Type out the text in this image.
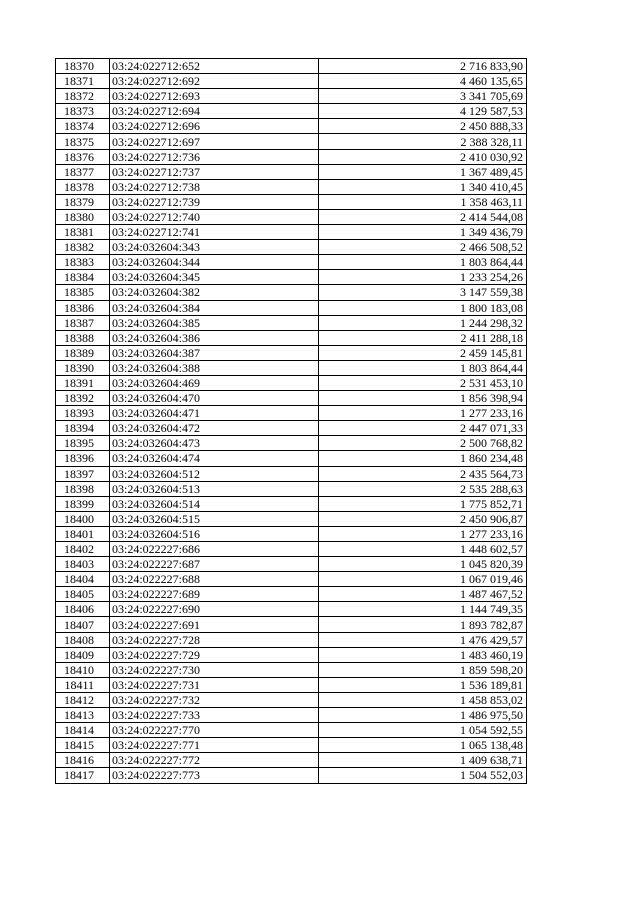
18370	03:24:022712:652	2 716 833,90
18371	03:24:022712:692	4 460 135,65
18372	03:24:022712:693	3 341 705,69
18373	03:24:022712:694	4 129 587,53
18374	03:24:022712:696	2 450 888,33
18375	03:24:022712:697	2 388 328,11
18376	03:24:022712:736	2 410 030,92
18377	03:24:022712:737	1 367 489,45
18378	03:24:022712:738	1 340 410,45
18379	03:24:022712:739	1 358 463,11
18380	03:24:022712:740	2 414 544,08
18381	03:24:022712:741	1 349 436,79
18382	03:24:032604:343	2 466 508,52
18383	03:24:032604:344	1 803 864,44
18384	03:24:032604:345	1 233 254,26
18385	03:24:032604:382	3 147 559,38
18386	03:24:032604:384	1 800 183,08
18387	03:24:032604:385	1 244 298,32
18388	03:24:032604:386	2 411 288,18
18389	03:24:032604:387	2 459 145,81
18390	03:24:032604:388	1 803 864,44
18391	03:24:032604:469	2 531 453,10
18392	03:24:032604:470	1 856 398,94
18393	03:24:032604:471	1 277 233,16
18394	03:24:032604:472	2 447 071,33
18395	03:24:032604:473	2 500 768,82
18396	03:24:032604:474	1 860 234,48
18397	03:24:032604:512	2 435 564,73
18398	03:24:032604:513	2 535 288,63
18399	03:24:032604:514	1 775 852,71
18400	03:24:032604:515	2 450 906,87
18401	03:24:032604:516	1 277 233,16
18402	03:24:022227:686	1 448 602,57
18403	03:24:022227:687	1 045 820,39
18404	03:24:022227:688	1 067 019,46
18405	03:24:022227:689	1 487 467,52
18406	03:24:022227:690	1 144 749,35
18407	03:24:022227:691	1 893 782,87
18408	03:24:022227:728	1 476 429,57
18409	03:24:022227:729	1 483 460,19
18410	03:24:022227:730	1 859 598,20
18411	03:24:022227:731	1 536 189,81
18412	03:24:022227:732	1 458 853,02
18413	03:24:022227:733	1 486 975,50
18414	03:24:022227:770	1 054 592,55
18415	03:24:022227:771	1 065 138,48
18416	03:24:022227:772	1 409 638,71
18417	03:24:022227:773	1 504 552,03
